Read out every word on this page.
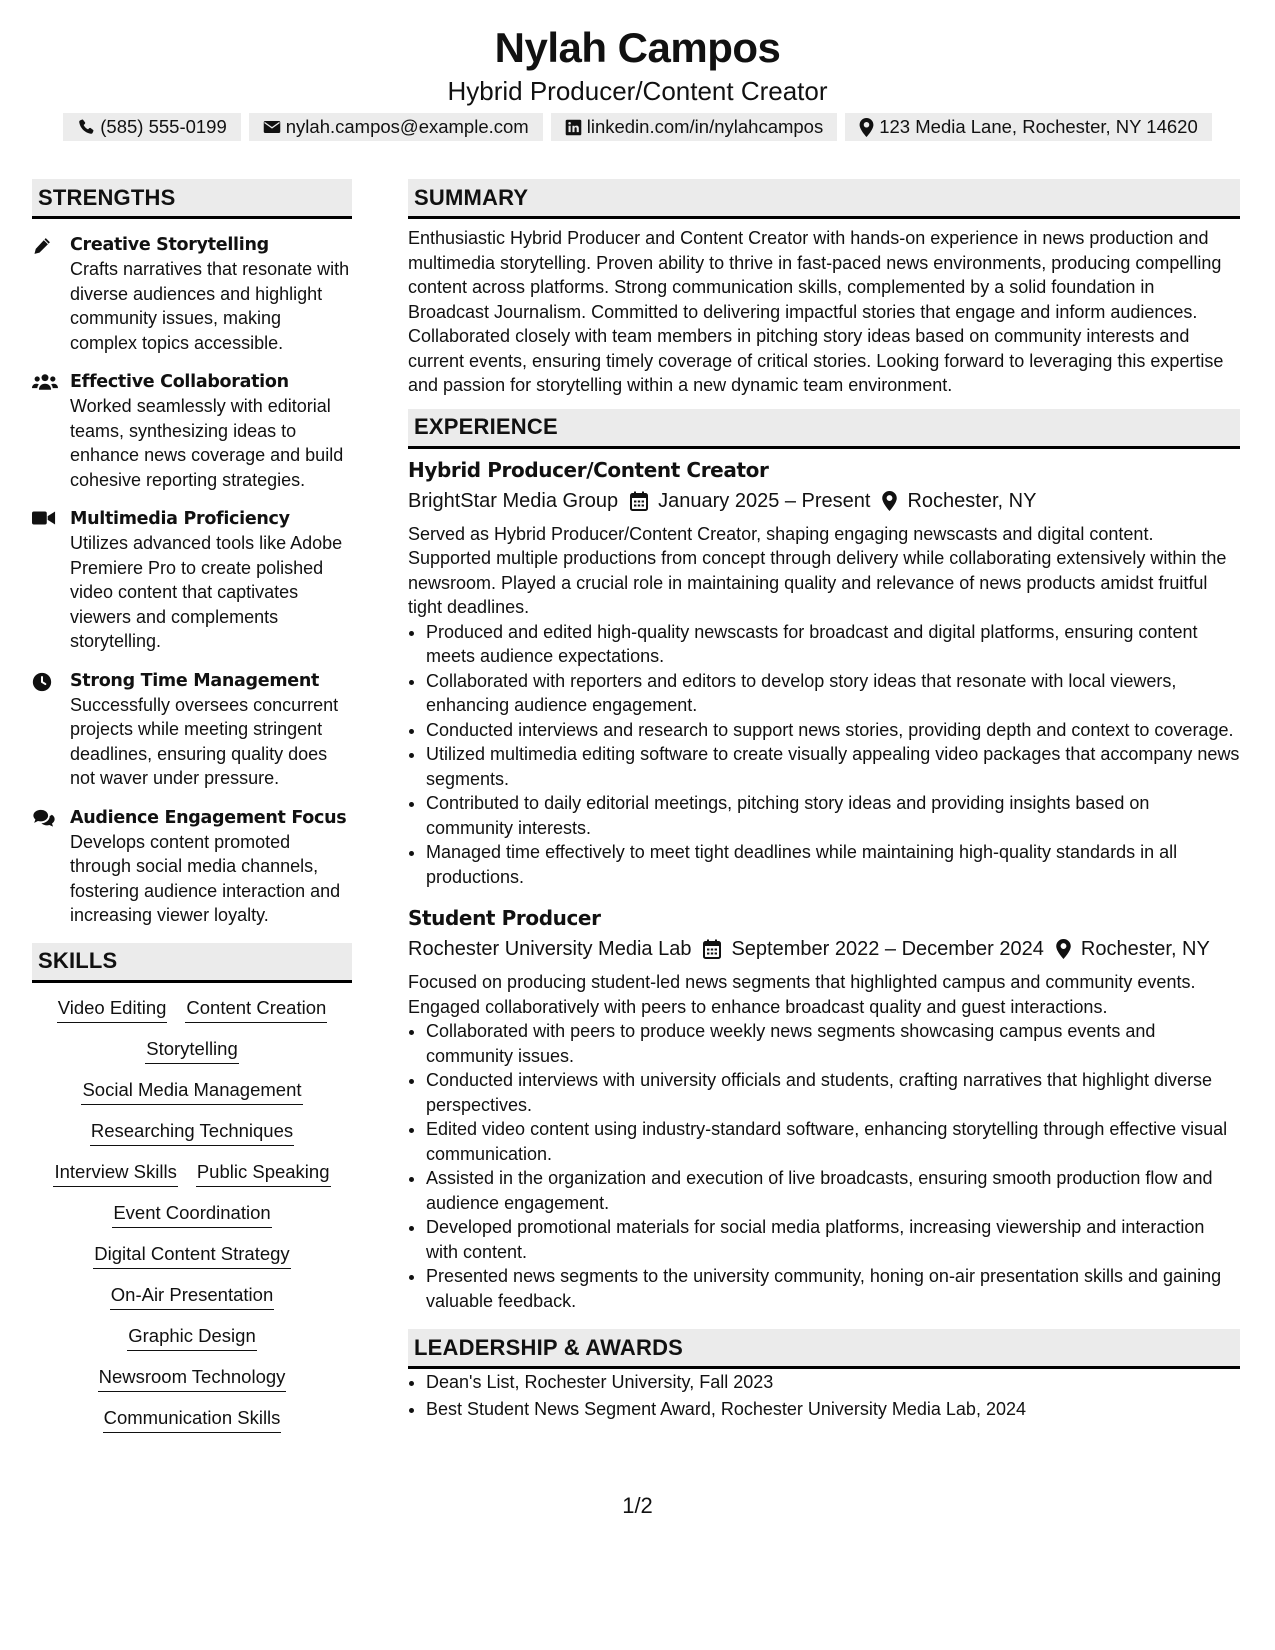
Nylah Campos
Hybrid Producer/Content Creator
(585) 555-0199	nylah.campos@example.com	linkedin.com/in/nylahcampos	123 Media Lane, Rochester, NY 14620
STRENGTHS
Creative Storytelling
Crafts narratives that resonate with diverse audiences and highlight community issues, making complex topics accessible.
Effective Collaboration
Worked seamlessly with editorial teams, synthesizing ideas to enhance news coverage and build cohesive reporting strategies.
Multimedia Proficiency
Utilizes advanced tools like Adobe Premiere Pro to create polished video content that captivates viewers and complements storytelling.
Strong Time Management
Successfully oversees concurrent projects while meeting stringent deadlines, ensuring quality does not waver under pressure.
Audience Engagement Focus
Develops content promoted through social media channels, fostering audience interaction and increasing viewer loyalty.
SKILLS
Video Editing Content Creation
Storytelling
Social Media Management
Researching Techniques
Interview Skills Public Speaking
Event Coordination
Digital Content Strategy
On-Air Presentation
Graphic Design
Newsroom Technology
Communication Skills
SUMMARY
Enthusiastic Hybrid Producer and Content Creator with hands-on experience in news production and multimedia storytelling. Proven ability to thrive in fast-paced news environments, producing compelling content across platforms. Strong communication skills, complemented by a solid foundation in Broadcast Journalism. Committed to delivering impactful stories that engage and inform audiences. Collaborated closely with team members in pitching story ideas based on community interests and current events, ensuring timely coverage of critical stories. Looking forward to leveraging this expertise and passion for storytelling within a new dynamic team environment.
EXPERIENCE
Hybrid Producer/Content Creator
BrightStar Media Group January 2025 – Present Rochester, NY
Served as Hybrid Producer/Content Creator, shaping engaging newscasts and digital content. Supported multiple productions from concept through delivery while collaborating extensively within the newsroom. Played a crucial role in maintaining quality and relevance of news products amidst fruitful tight deadlines.
• Produced and edited high-quality newscasts for broadcast and digital platforms, ensuring content meets audience expectations.
• Collaborated with reporters and editors to develop story ideas that resonate with local viewers, enhancing audience engagement.
• Conducted interviews and research to support news stories, providing depth and context to coverage.
• Utilized multimedia editing software to create visually appealing video packages that accompany news segments.
• Contributed to daily editorial meetings, pitching story ideas and providing insights based on community interests.
• Managed time effectively to meet tight deadlines while maintaining high-quality standards in all productions.
Student Producer
Rochester University Media Lab September 2022 – December 2024 Rochester, NY
Focused on producing student-led news segments that highlighted campus and community events. Engaged collaboratively with peers to enhance broadcast quality and guest interactions.
• Collaborated with peers to produce weekly news segments showcasing campus events and community issues.
• Conducted interviews with university officials and students, crafting narratives that highlight diverse perspectives.
• Edited video content using industry-standard software, enhancing storytelling through effective visual communication.
• Assisted in the organization and execution of live broadcasts, ensuring smooth production flow and audience engagement.
• Developed promotional materials for social media platforms, increasing viewership and interaction with content.
• Presented news segments to the university community, honing on-air presentation skills and gaining valuable feedback.
LEADERSHIP & AWARDS
• Dean's List, Rochester University, Fall 2023
• Best Student News Segment Award, Rochester University Media Lab, 2024
1/2
